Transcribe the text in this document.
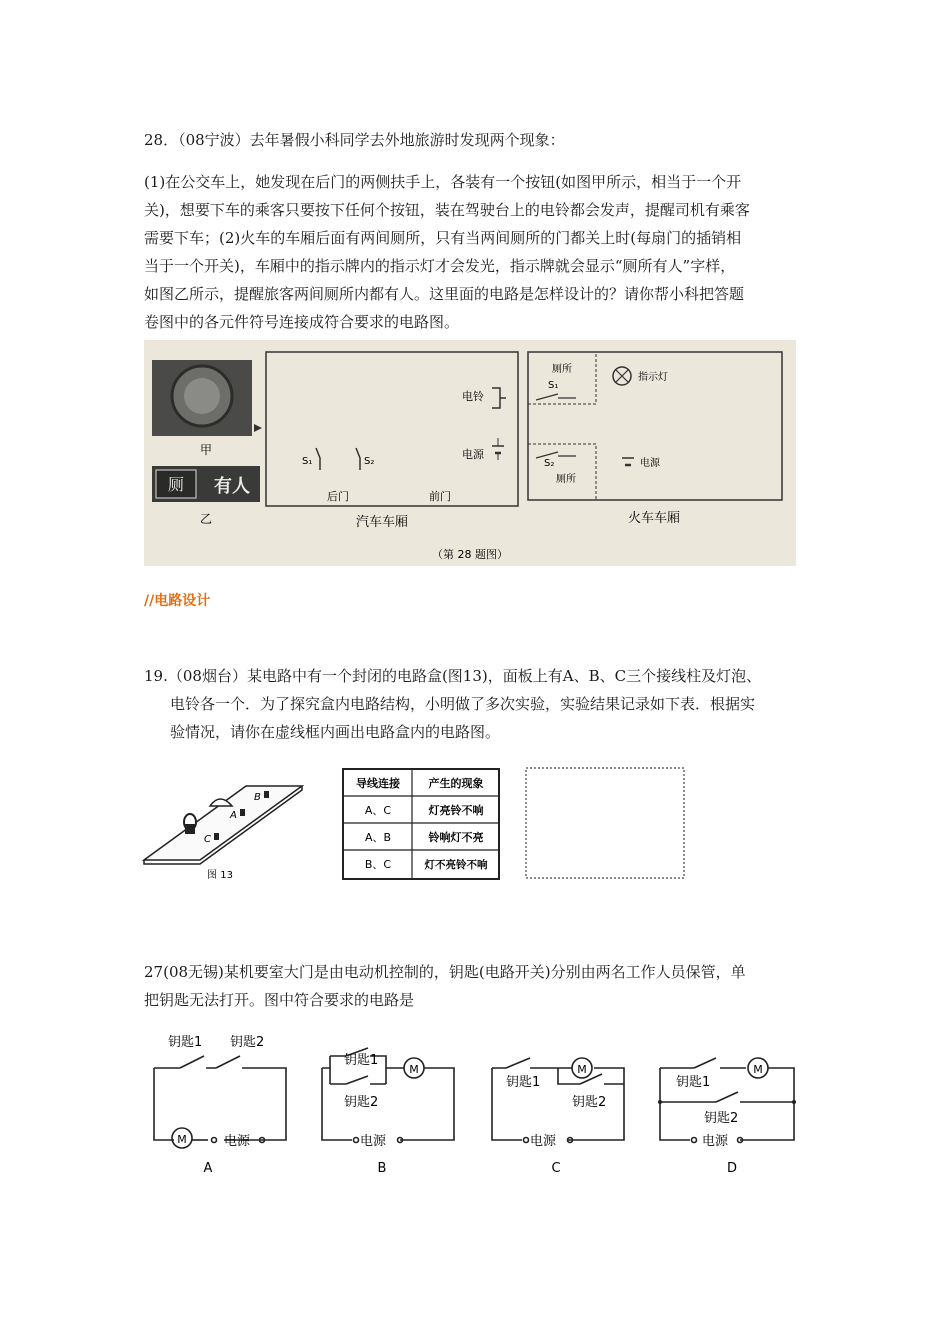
28．（08宁波）去年暑假小科同学去外地旅游时发现两个现象：
(1)在公交车上，她发现在后门的两侧扶手上，各装有一个按钮(如图甲所示，相当于一个开
关)，想要下车的乘客只要按下任何个按钮，装在驾驶台上的电铃都会发声，提醒司机有乘客
需要下车；(2)火车的车厢后面有两间厕所，只有当两间厕所的门都关上时(每扇门的插销相
当于一个开关)，车厢中的指示牌内的指示灯才会发光，指示牌就会显示“厕所有人”字样，
如图乙所示，提醒旅客两间厕所内都有人。这里面的电路是怎样设计的？请你帮小科把答题
卷图中的各元件符号连接成符合要求的电路图。
甲
厕 有人
乙
电铃
电源
S₁	S₂
后门	前门
汽车车厢
厕所
S₁
S₂
厕所
指示灯
电源
火车车厢
（第 28 题图）
//电路设计
19.（08烟台）某电路中有一个封闭的电路盒(图13)，面板上有A、B、C三个接线柱及灯泡、
电铃各一个．为了探究盒内电路结构，小明做了多次实验，实验结果记录如下表．根据实
验情况，请你在虚线框内画出电路盒内的电路图。
B
A
C
图 13
导线连接	产生的现象
A、C	灯亮铃不响
A、B	铃响灯不亮
B、C	灯不亮铃不响
27(08无锡)某机要室大门是由电动机控制的，钥匙(电路开关)分别由两名工作人员保管，单
把钥匙无法打开。图中符合要求的电路是
钥匙1 钥匙2
M	电源
A
钥匙1
钥匙2
M
电源
B
钥匙1
钥匙2
M
电源
C
钥匙1
钥匙2
M
电源
D
